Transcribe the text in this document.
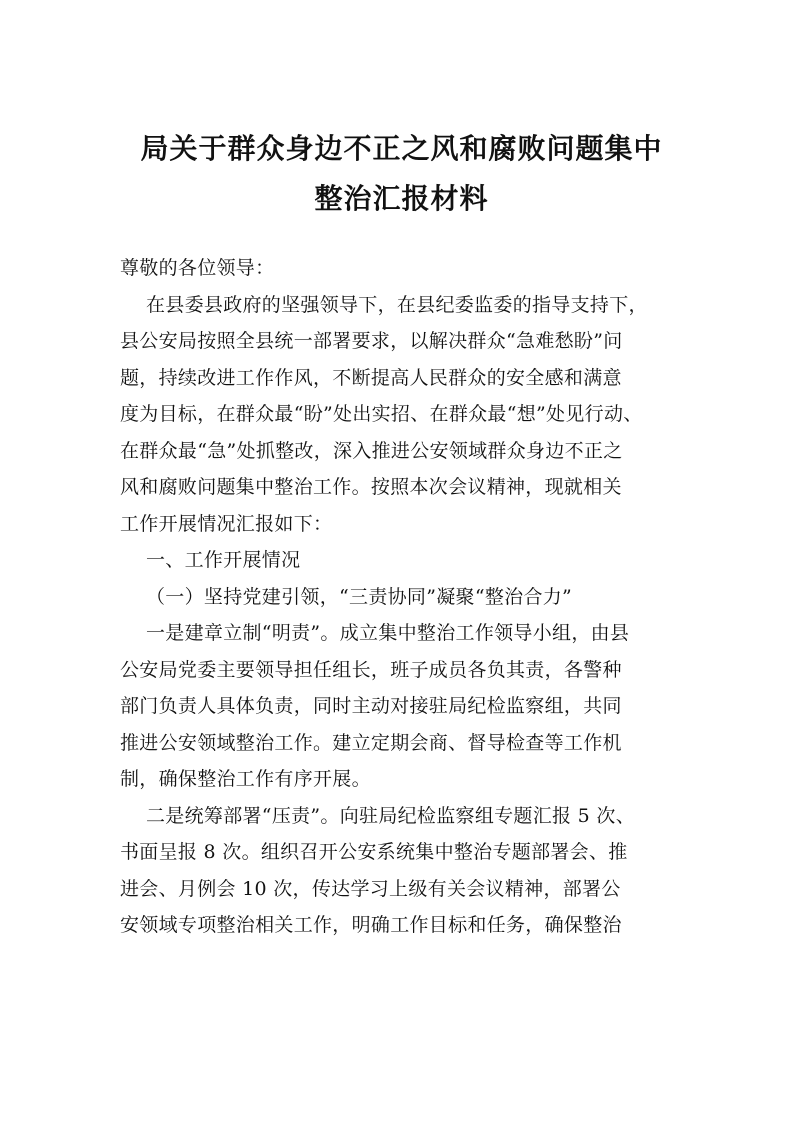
局关于群众身边不正之风和腐败问题集中
整治汇报材料
尊敬的各位领导：
在县委县政府的坚强领导下，在县纪委监委的指导支持下，
县公安局按照全县统一部署要求，以解决群众“急难愁盼”问
题，持续改进工作作风，不断提高人民群众的安全感和满意
度为目标，在群众最“盼”处出实招、在群众最“想”处见行动、
在群众最“急”处抓整改，深入推进公安领域群众身边不正之
风和腐败问题集中整治工作。按照本次会议精神，现就相关
工作开展情况汇报如下：
一、工作开展情况
（一）坚持党建引领，“三责协同”凝聚“整治合力”
一是建章立制“明责”。成立集中整治工作领导小组，由县
公安局党委主要领导担任组长，班子成员各负其责，各警种
部门负责人具体负责，同时主动对接驻局纪检监察组，共同
推进公安领域整治工作。建立定期会商、督导检查等工作机
制，确保整治工作有序开展。
二是统筹部署“压责”。向驻局纪检监察组专题汇报 5 次、
书面呈报 8 次。组织召开公安系统集中整治专题部署会、推
进会、月例会 10 次，传达学习上级有关会议精神，部署公
安领域专项整治相关工作，明确工作目标和任务，确保整治
